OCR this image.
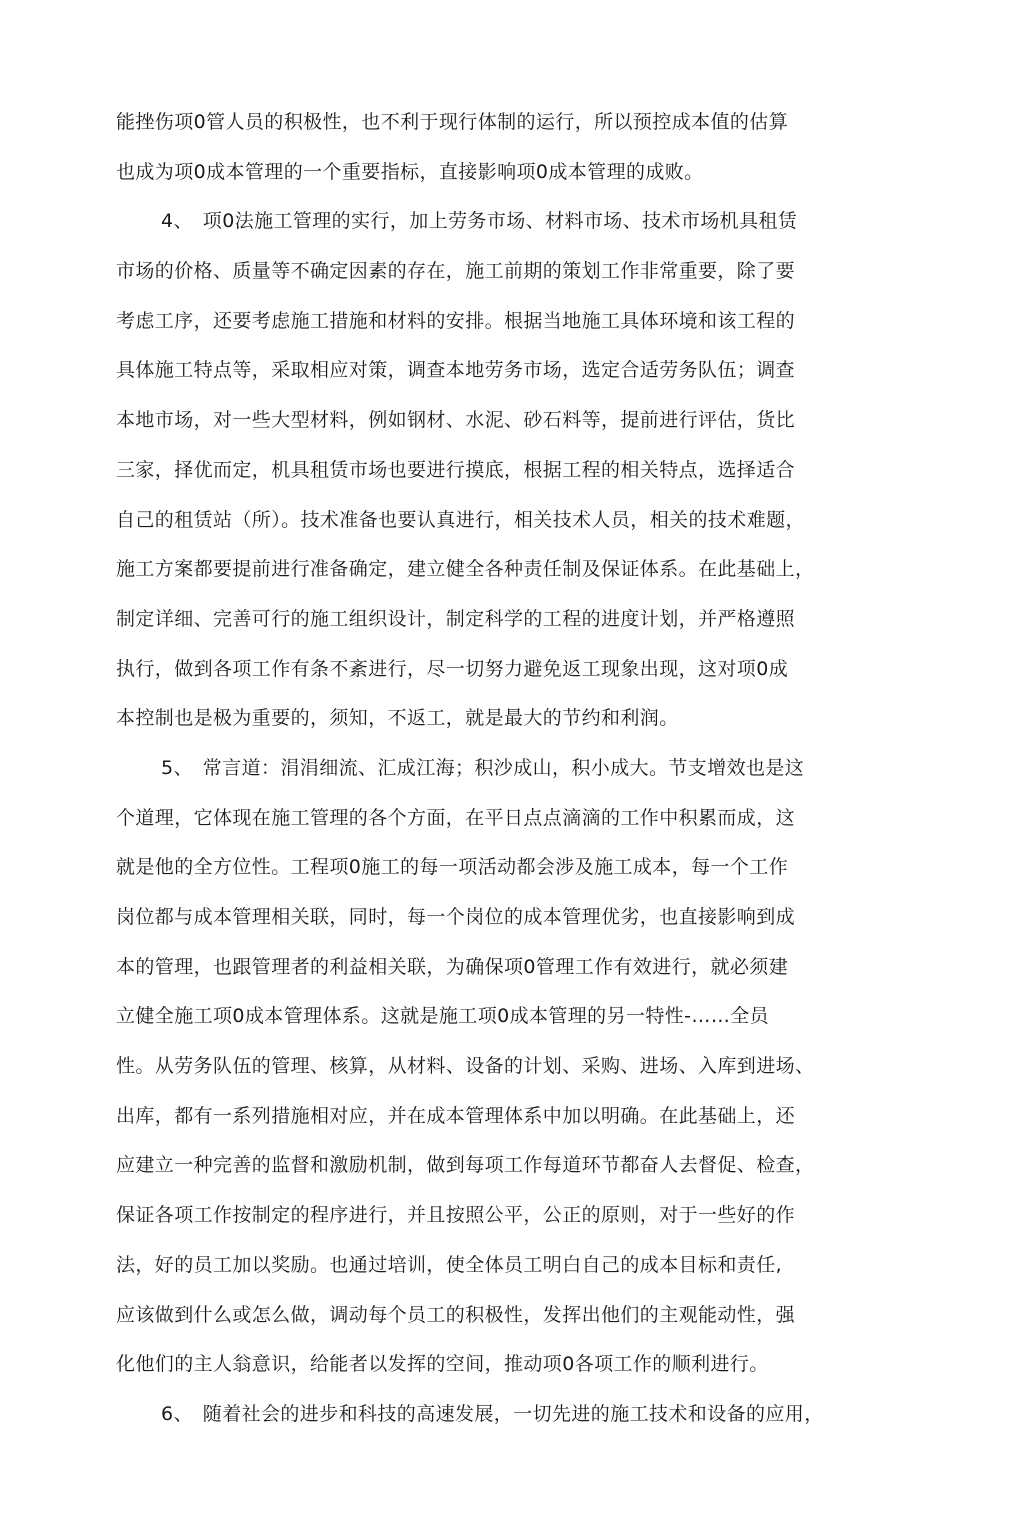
能挫伤项0管人员的积极性，也不利于现行体制的运行，所以预控成本值的估算
也成为项0成本管理的一个重要指标，直接影响项0成本管理的成败。
4、　项0法施工管理的实行，加上劳务市场、材料市场、技术市场机具租赁
市场的价格、质量等不确定因素的存在，施工前期的策划工作非常重要，除了要
考虑工序，还要考虑施工措施和材料的安排。根据当地施工具体环境和该工程的
具体施工特点等，采取相应对策，调查本地劳务市场，选定合适劳务队伍；调查
本地市场，对一些大型材料，例如钢材、水泥、砂石料等，提前进行评估，货比
三家，择优而定，机具租赁市场也要进行摸底，根据工程的相关特点，选择适合
自己的租赁站（所）。技术准备也要认真进行，相关技术人员，相关的技术难题，
施工方案都要提前进行准备确定，建立健全各种责任制及保证体系。在此基础上，
制定详细、完善可行的施工组织设计，制定科学的工程的进度计划，并严格遵照
执行，做到各项工作有条不紊进行，尽一切努力避免返工现象出现，这对项0成
本控制也是极为重要的，须知，不返工，就是最大的节约和利润。
5、　常言道：涓涓细流、汇成江海；积沙成山，积小成大。节支增效也是这
个道理，它体现在施工管理的各个方面，在平日点点滴滴的工作中积累而成，这
就是他的全方位性。工程项0施工的每一项活动都会涉及施工成本，每一个工作
岗位都与成本管理相关联，同时，每一个岗位的成本管理优劣，也直接影响到成
本的管理，也跟管理者的利益相关联，为确保项0管理工作有效进行，就必须建
立健全施工项0成本管理体系。这就是施工项0成本管理的另一特性-……全员
性。从劳务队伍的管理、核算，从材料、设备的计划、采购、进场、入库到进场、
出库，都有一系列措施相对应，并在成本管理体系中加以明确。在此基础上，还
应建立一种完善的监督和激励机制，做到每项工作每道环节都奋人去督促、检查，
保证各项工作按制定的程序进行，并且按照公平，公正的原则，对于一些好的作
法，好的员工加以奖励。也通过培训，使全体员工明白自己的成本目标和责任,
应该做到什么或怎么做，调动每个员工的积极性，发挥出他们的主观能动性，强
化他们的主人翁意识，给能者以发挥的空间，推动项0各项工作的顺利进行。
6、　随着社会的进步和科技的高速发展，一切先进的施工技术和设备的应用，
